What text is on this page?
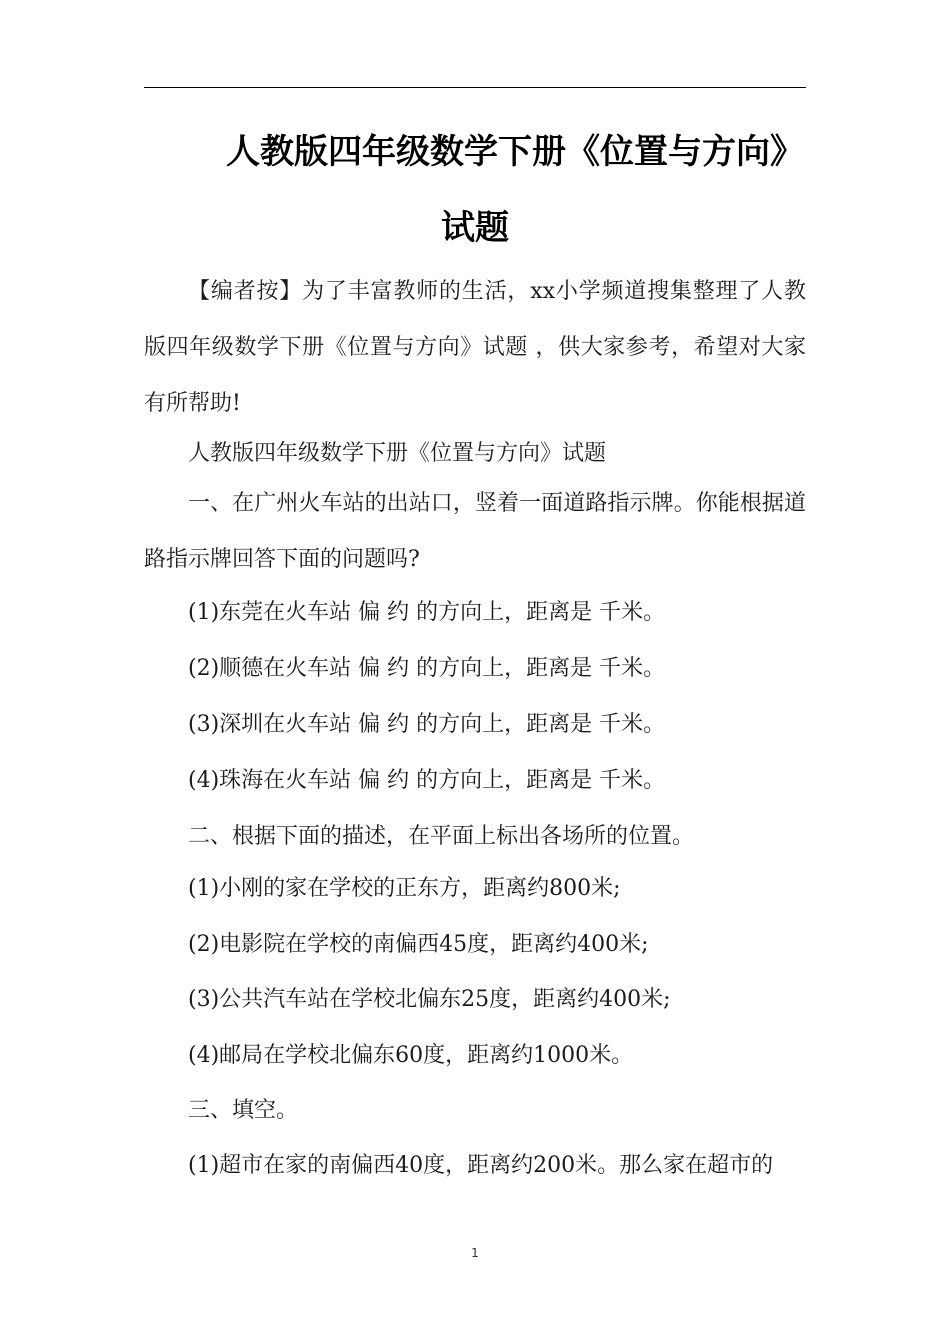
人教版四年级数学下册《位置与方向》
试题

【编者按】为了丰富教师的生活，xx小学频道搜集整理了人教版四年级数学下册《位置与方向》试题 ，供大家参考，希望对大家有所帮助!

人教版四年级数学下册《位置与方向》试题

一、在广州火车站的出站口，竖着一面道路指示牌。你能根据道路指示牌回答下面的问题吗?

(1)东莞在火车站 偏 约 的方向上，距离是 千米。

(2)顺德在火车站 偏 约 的方向上，距离是 千米。

(3)深圳在火车站 偏 约 的方向上，距离是 千米。

(4)珠海在火车站 偏 约 的方向上，距离是 千米。

二、根据下面的描述，在平面上标出各场所的位置。

(1)小刚的家在学校的正东方，距离约800米;

(2)电影院在学校的南偏西45度，距离约400米;

(3)公共汽车站在学校北偏东25度，距离约400米;

(4)邮局在学校北偏东60度，距离约1000米。

三、填空。

(1)超市在家的南偏西40度，距离约200米。那么家在超市的

1
